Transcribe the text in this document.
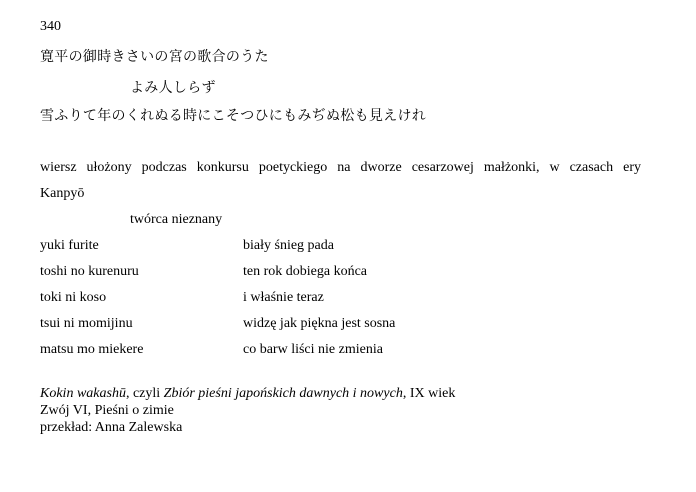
340
寛平の御時きさいの宮の歌合のうた
よみ人しらず
雪ふりて年のくれぬる時にこそつひにもみぢぬ松も見えけれ
wiersz ułożony podczas konkursu poetyckiego na dworze cesarzowej małżonki, w czasach ery
Kanpyō
twórca nieznany
yuki furite	biały śnieg pada
toshi no kurenuru	ten rok dobiega końca
toki ni koso	i właśnie teraz
tsui ni momijinu	widzę jak piękna jest sosna
matsu mo miekere	co barw liści nie zmienia
Kokin wakashū, czyli Zbiór pieśni japońskich dawnych i nowych, IX wiek
Zwój VI, Pieśni o zimie
przekład: Anna Zalewska
